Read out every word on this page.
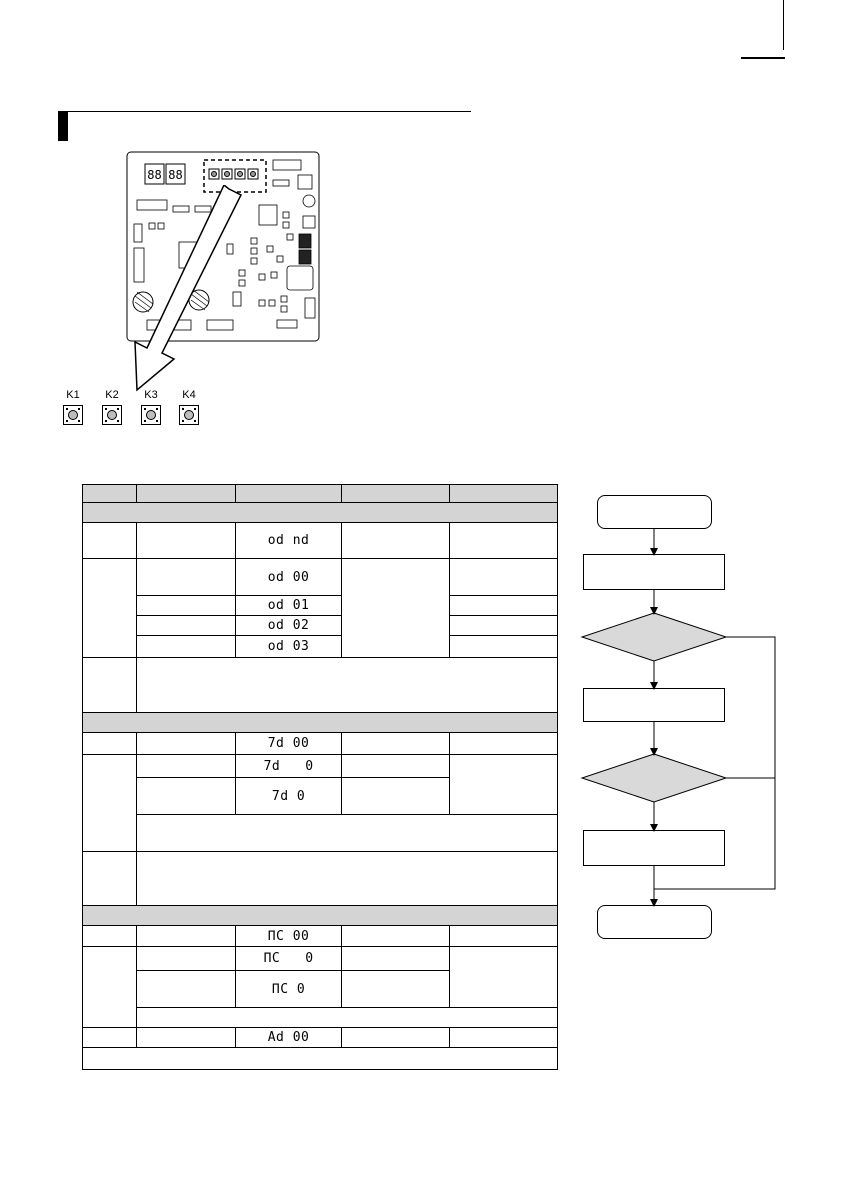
88 88
K1	K2	K3	K4

		od nd		
		od 00		
		od 01		
		od 02		
		od 03		

		7d 00		
		7d   0		
		7d 0		

		ΠC 00		
		ΠC   0		
		ΠC 0		

		Ad 00		
